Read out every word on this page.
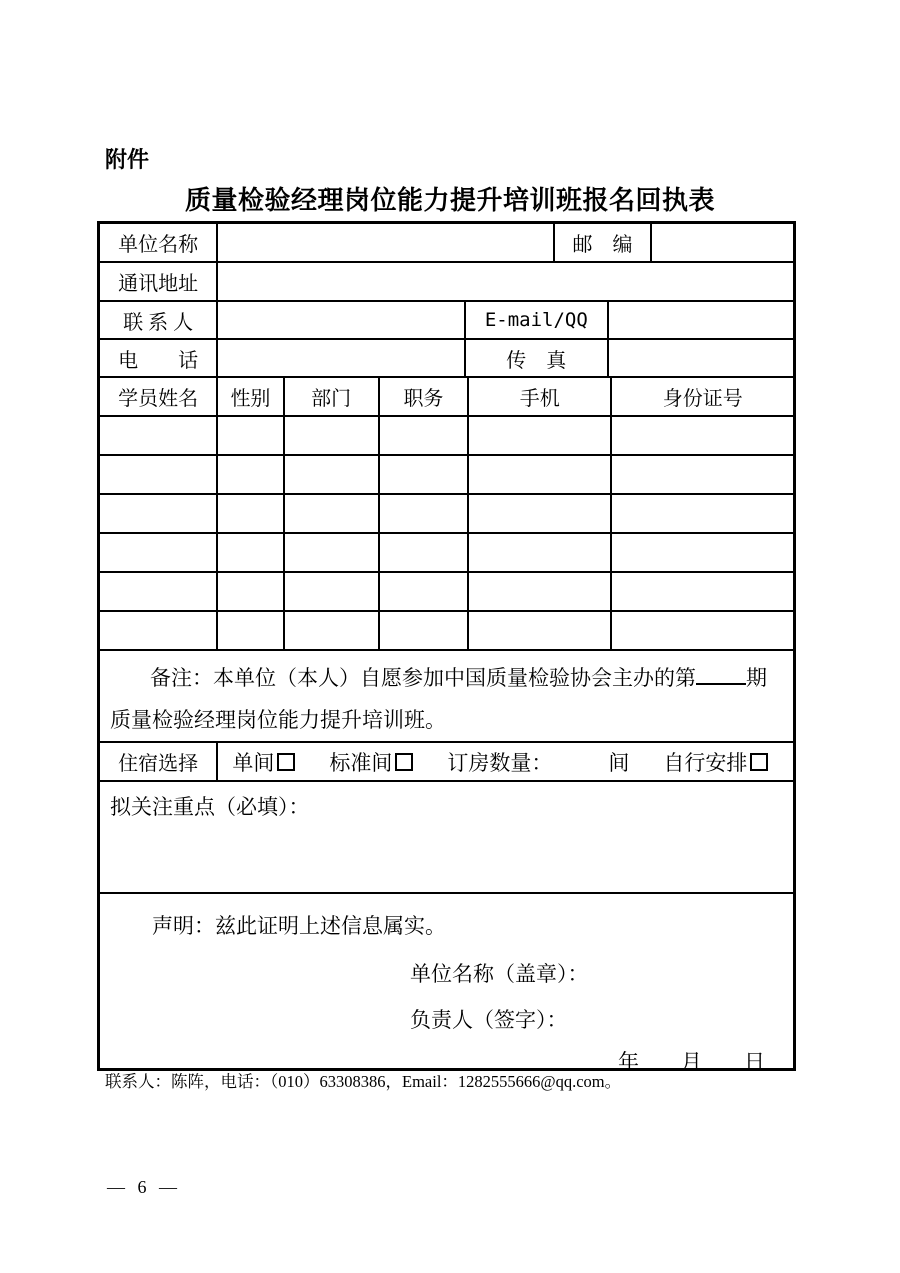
附件
质量检验经理岗位能力提升培训班报名回执表
单位名称	邮　编
通讯地址
联 系 人	E-mail/QQ
电　　话	传　真
学员姓名	性别	部门	职务	手机	身份证号
备注：本单位（本人）自愿参加中国质量检验协会主办的第 期质量检验经理岗位能力提升培训班。
住宿选择	单间	标准间	订房数量：	间 自行安排
拟关注重点（必填）：
声明：兹此证明上述信息属实。
单位名称（盖章）：
负责人（签字）：
年　　月　　日
联系人：陈阵，电话：（010）63308386，Email：1282555666@qq.com。
— 6 —
